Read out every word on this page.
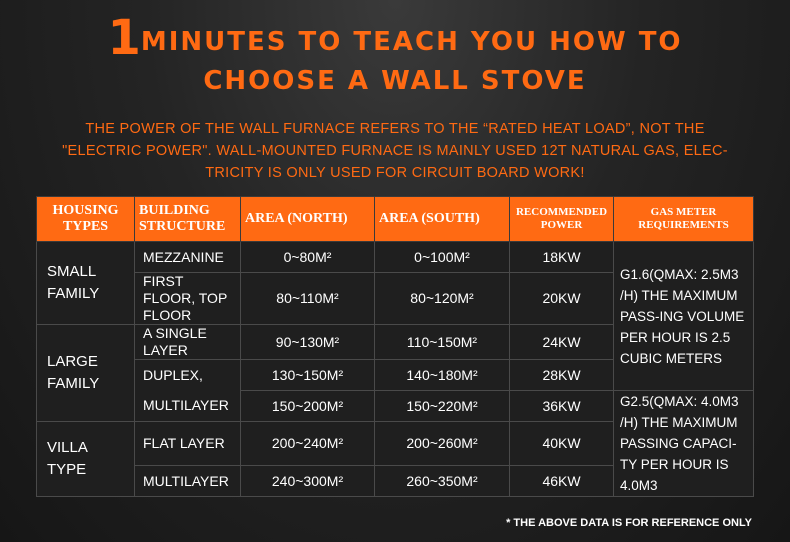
1MINUTES TO TEACH YOU HOW TO
CHOOSE A WALL STOVE
THE POWER OF THE WALL FURNACE REFERS TO THE “RATED HEAT LOAD”, NOT THE
"ELECTRIC POWER". WALL-MOUNTED FURNACE IS MAINLY USED 12T NATURAL GAS, ELEC-
TRICITY IS ONLY USED FOR CIRCUIT BOARD WORK!
HOUSING TYPES	BUILDING STRUCTURE	AREA (NORTH)	AREA (SOUTH)	RECOMMENDED POWER	GAS METER REQUIREMENTS
SMALL FAMILY	MEZZANINE	0~80M²	0~100M²	18KW	G1.6(QMAX: 2.5M3 /H) THE MAXIMUM PASS-ING VOLUME PER HOUR IS 2.5 CUBIC METERS
	FIRST FLOOR, TOP FLOOR	80~110M²	80~120M²	20KW	
LARGE FAMILY	A SINGLE LAYER	90~130M²	110~150M²	24KW	
	DUPLEX,	130~150M²	140~180M²	28KW	
	MULTILAYER	150~200M²	150~220M²	36KW	G2.5(QMAX: 4.0M3 /H) THE MAXIMUM PASSING CAPACI-TY PER HOUR IS 4.0M3
VILLA TYPE	FLAT LAYER	200~240M²	200~260M²	40KW	
	MULTILAYER	240~300M²	260~350M²	46KW	
* THE ABOVE DATA IS FOR REFERENCE ONLY
